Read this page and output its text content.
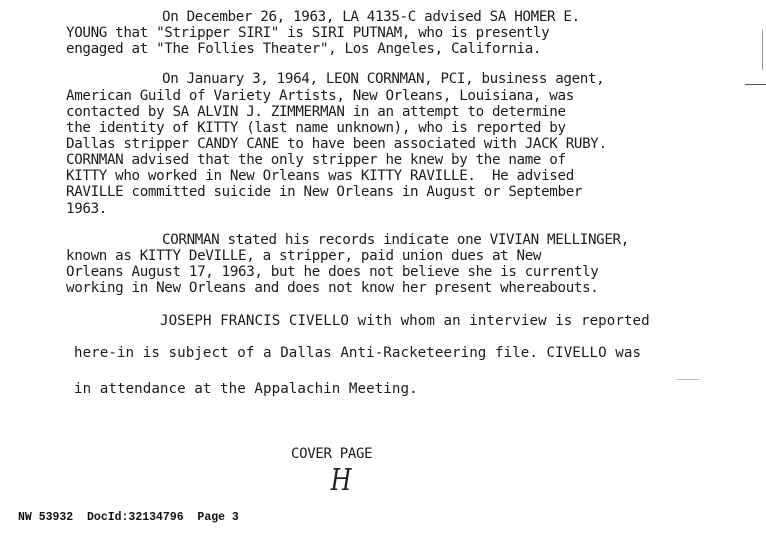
On December 26, 1963, LA 4135-C advised SA HOMER E.
YOUNG that "Stripper SIRI" is SIRI PUTNAM, who is presently
engaged at "The Follies Theater", Los Angeles, California.
On January 3, 1964, LEON CORNMAN, PCI, business agent,
American Guild of Variety Artists, New Orleans, Louisiana, was
contacted by SA ALVIN J. ZIMMERMAN in an attempt to determine
the identity of KITTY (last name unknown), who is reported by
Dallas stripper CANDY CANE to have been associated with JACK RUBY.
CORNMAN advised that the only stripper he knew by the name of
KITTY who worked in New Orleans was KITTY RAVILLE.  He advised
RAVILLE committed suicide in New Orleans in August or September
1963.
CORNMAN stated his records indicate one VIVIAN MELLINGER,
known as KITTY DeVILLE, a stripper, paid union dues at New
Orleans August 17, 1963, but he does not believe she is currently
working in New Orleans and does not know her present whereabouts.
JOSEPH FRANCIS CIVELLO with whom an interview is reported
here-in is subject of a Dallas Anti-Racketeering file. CIVELLO was
in attendance at the Appalachin Meeting.
COVER PAGE
H
NW 53932  DocId:32134796  Page 3
